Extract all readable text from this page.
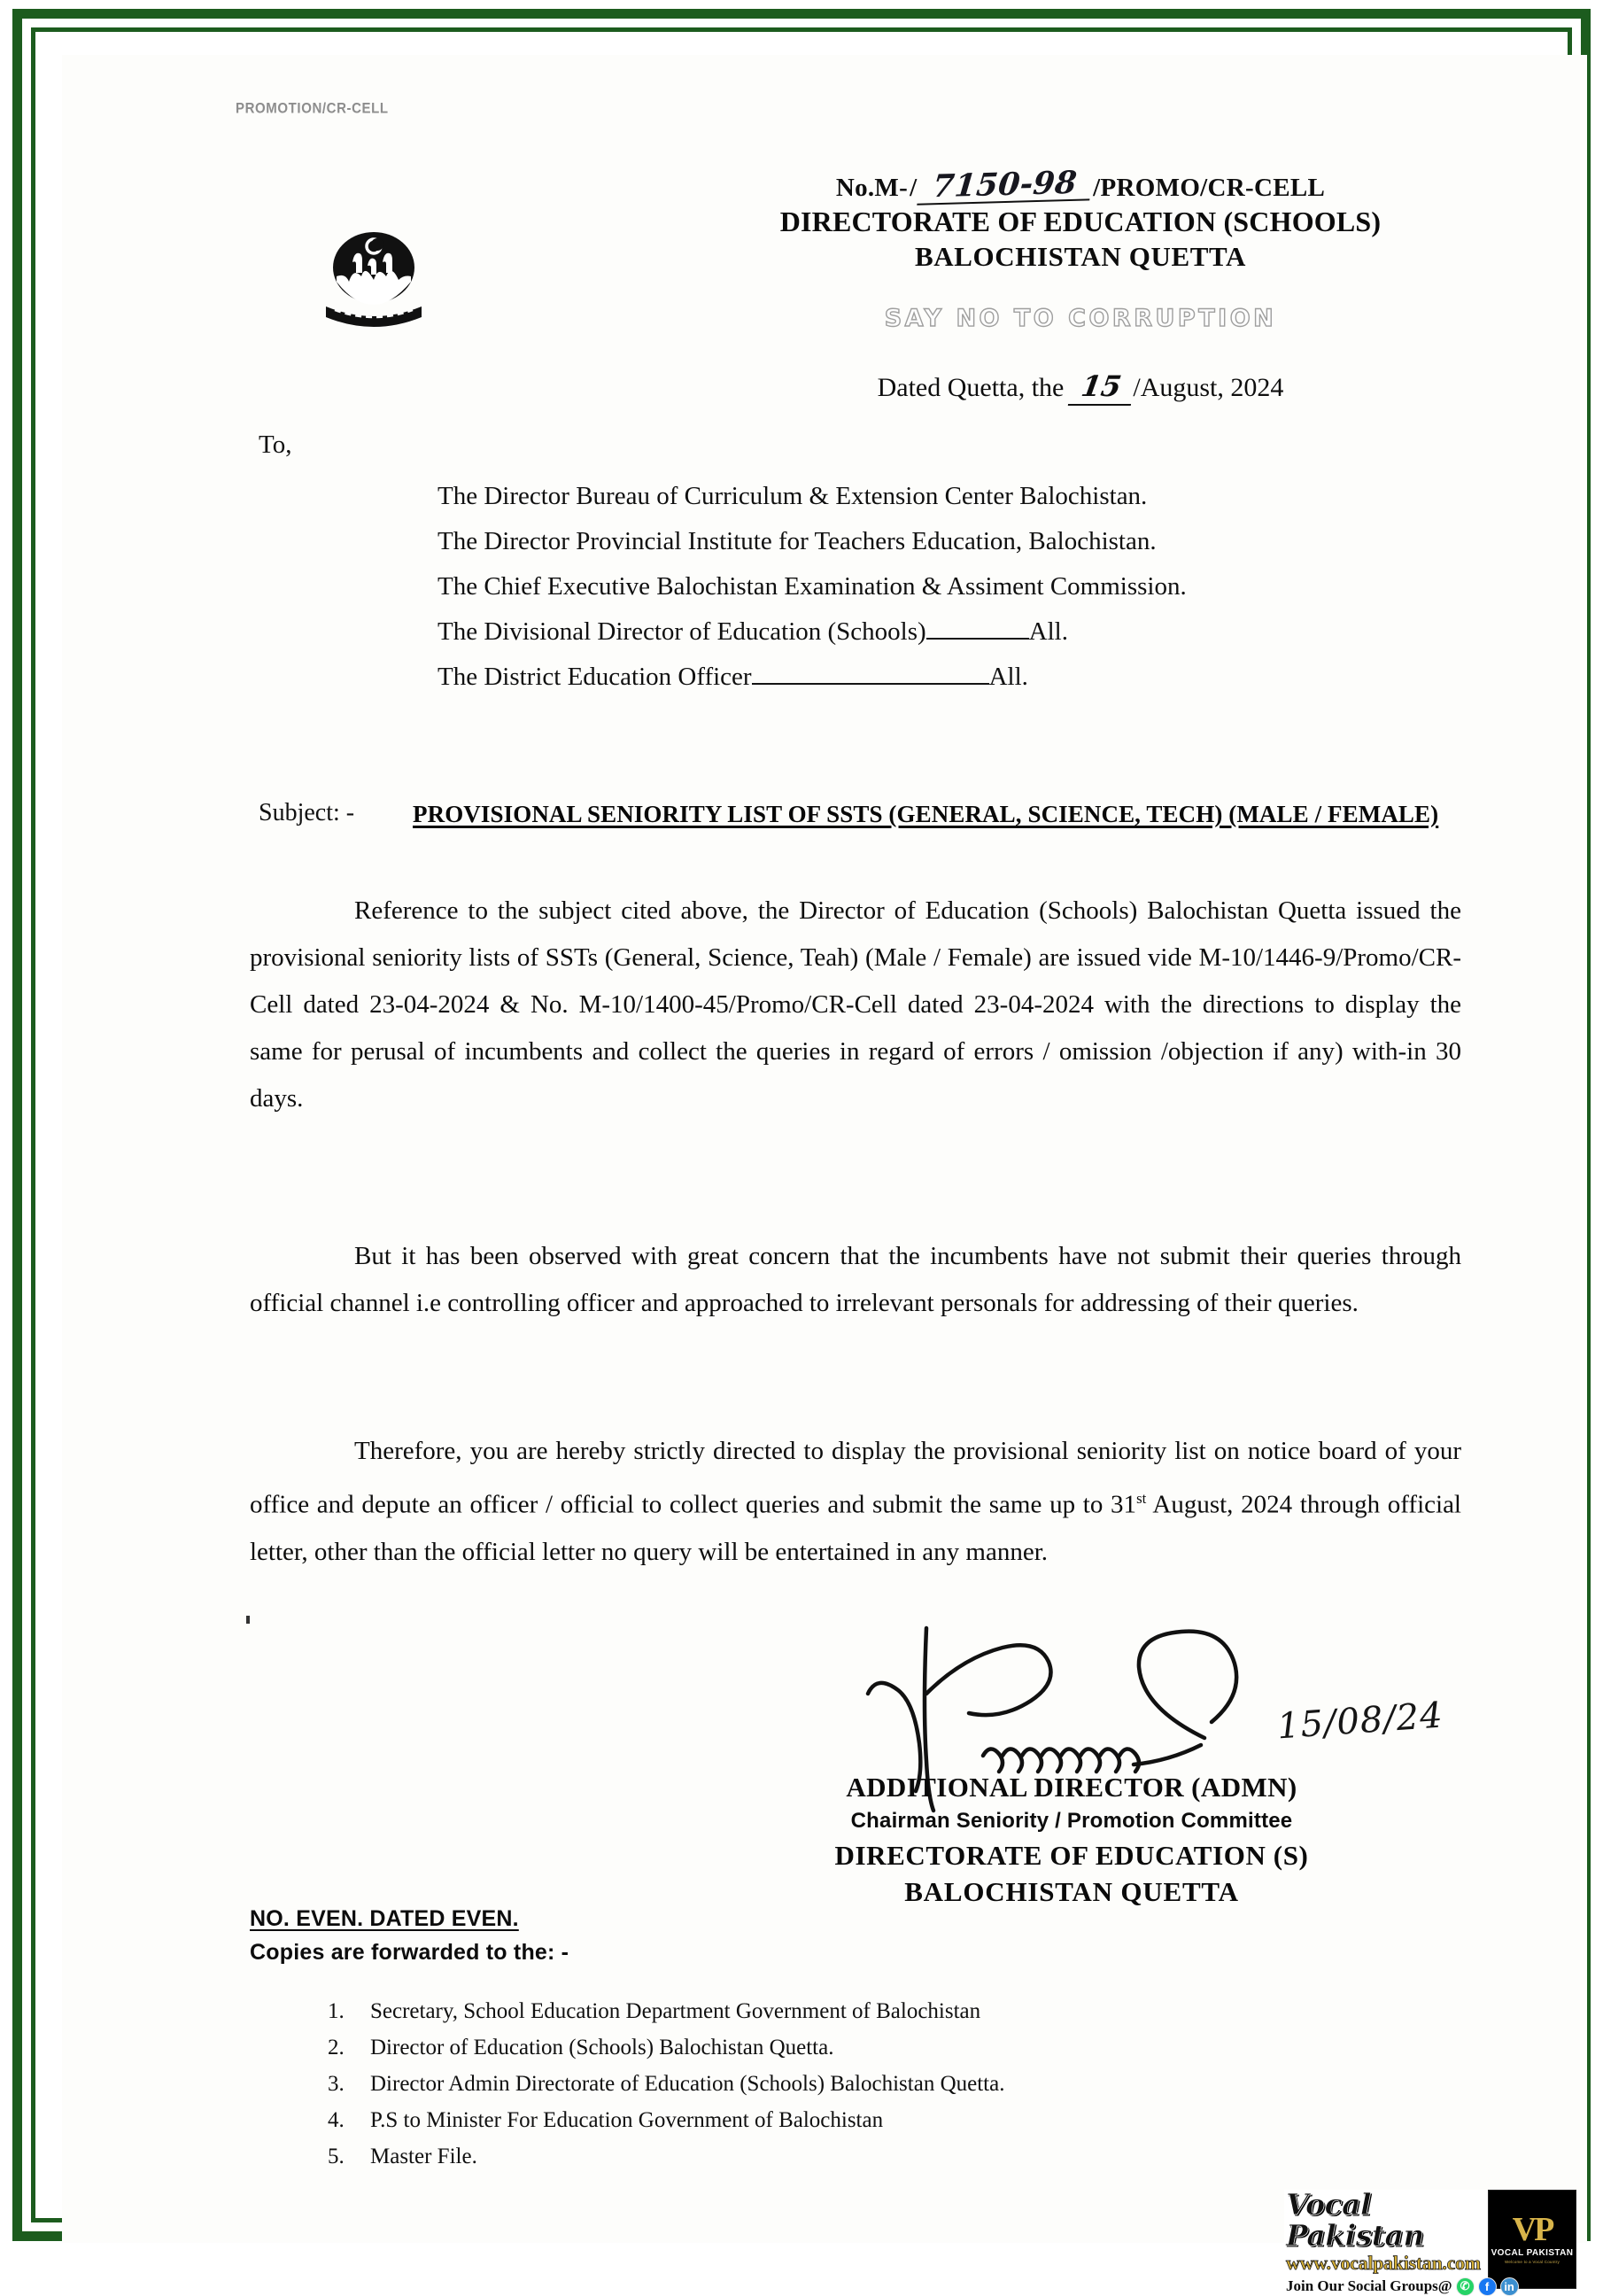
PROMOTION/CR-CELL
No.M- / 7150-98 /PROMO/CR-CELL
DIRECTORATE OF EDUCATION (SCHOOLS)
BALOCHISTAN QUETTA
SAY NO TO CORRUPTION
Dated Quetta, the 15 /August, 2024
To,
The Director Bureau of Curriculum & Extension Center Balochistan.
The Director Provincial Institute for Teachers Education, Balochistan.
The Chief Executive Balochistan Examination & Assiment Commission.
The Divisional Director of Education (Schools)	All.
The District Education Officer	All.
Subject: -	PROVISIONAL SENIORITY LIST OF SSTS (GENERAL, SCIENCE, TECH) (MALE / FEMALE)
Reference to the subject cited above, the Director of Education (Schools) Balochistan Quetta issued the provisional seniority lists of SSTs (General, Science, Teah) (Male / Female) are issued vide M-10/1446-9/Promo/CR-Cell dated 23-04-2024 & No. M-10/1400-45/Promo/CR-Cell dated 23-04-2024 with the directions to display the same for perusal of incumbents and collect the queries in regard of errors / omission /objection if any) with-in 30 days.
But it has been observed with great concern that the incumbents have not submit their queries through official channel i.e controlling officer and approached to irrelevant personals for addressing of their queries.
Therefore, you are hereby strictly directed to display the provisional seniority list on notice board of your office and depute an officer / official to collect queries and submit the same up to 31st August, 2024 through official letter, other than the official letter no query will be entertained in any manner.
15/08/24
ADDITIONAL DIRECTOR (ADMN)
Chairman Seniority / Promotion Committee
DIRECTORATE OF EDUCATION (S)
BALOCHISTAN QUETTA
NO. EVEN. DATED EVEN.
Copies are forwarded to the: -
1.	Secretary, School Education Department Government of Balochistan
2.	Director of Education (Schools) Balochistan Quetta.
3.	Director Admin Directorate of Education (Schools) Balochistan Quetta.
4.	P.S to Minister For Education Government of Balochistan
5.	Master File.
Vocal Pakistan
www.vocalpakistan.com
Join Our Social Groups@ ✆	f	in
VP
VOCAL PAKISTAN
Welcome to a Vocal Country
